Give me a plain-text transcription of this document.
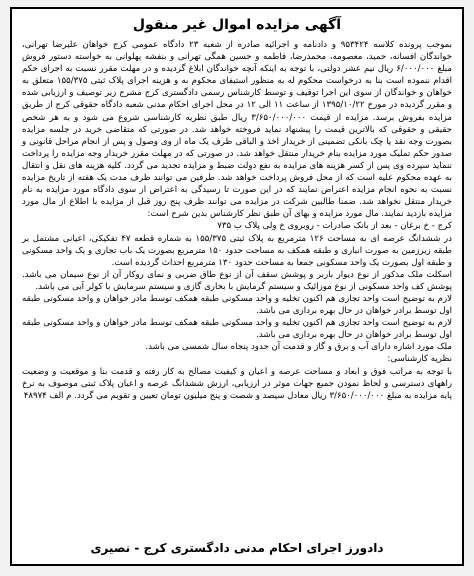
آگهی مزایده اموال غیر منقول

بموجب پرونده کلاسه ۹۵۳۴۲۴ و دادنامه و اجرائیه صادره از شعبه ۲۳ دادگاه عمومی کرج خواهان علیرضا تهرانی، خواندگان افسانه، حمید، معصومه، محمدرضا، فاطمه و حسین همگی تهرانی و بنفشه پهلوانی به خواسته دستور فروش مبلغ ۶/۰۰۰/۰۰۰ ریال نیم عشر دولتی، با توجه به اینکه آنچه خواندگان ابلاغ گردیده و در مهلت مقرر نسبت به اجرای حکم اقدام ننموده است بنا به درخواست محکوم له به منظور استیفای محکوم به و هزینه اجرای پلاک ثبتی ۱۵۵/۳۷۵ متعلق به خواهان و خواندگان از سوی این اجرا توقیف و توسط کارشناس رسمی دادگستری کرج مشرح زیر توصیف و ارزیابی شده و مقرر گردیده در مورخ ۱۳۹۵/۱۰/۲۲ از ساعت ۱۱ الی ۱۲ در محل اجرای احکام مدنی شعبه دادگاه حقوقی کرج از طریق مزایده بفروش برسد. مزایده از قیمت ۳/۶۵۰/۰۰۰/۰۰۰ ریال طبق نظریه کارشناسی شروع می شود و به هر شخص حقیقی و حقوقی که بالاترین قیمت را پیشنهاد نماید فروخته خواهد شد. در صورتی که متقاضی خرید در جلسه مزایده بصورت وجه نقد یا چک بانکی تضمینی از خریدار اخذ و الباقی ظرف یک ماه از وی وصول و پس از انجام مراحل قانونی و صدور حکم تملیک مورد مزایده بنام خریدار منتقل خواهد شد. در صورتی که در مهلت مقرر خریدار وجه مزایده را پرداخت ننماید سپرده وی پس از کسر هزینه های مزایده به نفع دولت ضبط و مزایده تجدید می گردد. کلیه هزینه های نقل و انتقال به عهده محکوم علیه است که از محل فروش پرداخت خواهد شد. طرفین می توانند ظرف مدت یک هفته از تاریخ مزایده نسبت به نحوه انجام مزایده اعتراض نمایند که در این صورت تا رسیدگی به اعتراض از سوی دادگاه مورد مزایده به نام خریدار منتقل نخواهد شد. ضمنا طالبین شرکت در مزایده می توانند ظرف پنج روز قبل از مزایده با اطلاع از مال مورد مزایده بازدید نمایند. مال مورد مزایده و بهای آن طبق نظر کارشناس بدین شرح است:

کرج - خ برغان - بعد از بانک صادرات - روبروی خ ولی پلاک ب ۷۳۵

در ششدانگ عرصه ای به مساحت ۱۲۶ مترمربع به پلاک ثبتی ۱۵۵/۳۷۵ به شماره قطعه ۴۷ تفکیکی، اعیانی مشتمل بر طبقه زیرزمین به صورت انباری و طبقه همکف به مساحت حدود ۱۵۰ مترمربع بصورت یک باب تجاری و یک واحد مسکونی و طبقه اول بصورت یک واحد مسکونی جمعا به مساحت حدود ۱۳۰ مترمربع احداث گردیده است.

اسکلت ملک مذکور از نوع دیوار باربر و پوشش سقف آن از نوع طاق ضربی و نمای روکار آن از نوع سیمان می باشد. پوشش کف واحد مسکونی از نوع موزائیک و سیستم گرمایش با بخاری گازی و سیستم سرمایش با کولر آبی می باشد.

لازم به توضیح است واحد تجاری هم اکنون تخلیه و واحد مسکونی طبقه همکف توسط مادر خواهان و واحد مسکونی طبقه اول توسط برادر خواهان در حال بهره برداری می باشد.

لازم به توضیح است واحد تجاری هم اکنون تخلیه و واحد مسکونی طبقه همکف توسط مادر خواهان و واحد مسکونی طبقه اول توسط برادر خواهان در حال بهره برداری می باشد.

ملک مورد اشاره دارای آب و برق و گاز و قدمت آن حدود پنجاه سال شمسی می باشد.

نظریه کارشناسی:

با توجه به مراتب فوق و ابعاد و مساحت عرصه و اعیان و کیفیت مصالح به کار رفته و قدمت بنا و موقعیت و وضعیت راههای دسترسی و لحاظ نمودن جمیع جهات موثر در ارزیابی، ارزش ششدانگ عرصه و اعیان پلاک ثبتی موصوف به نرخ پایه مزایده به مبلغ ۳/۶۵۰/۰۰۰/۰۰۰ ریال معادل سیصد و شصت و پنج میلیون تومان تعیین و تقویم می گردد. م الف ۴۸۹۷۴

دادورز اجرای احکام مدنی دادگستری کرج - نصیری
